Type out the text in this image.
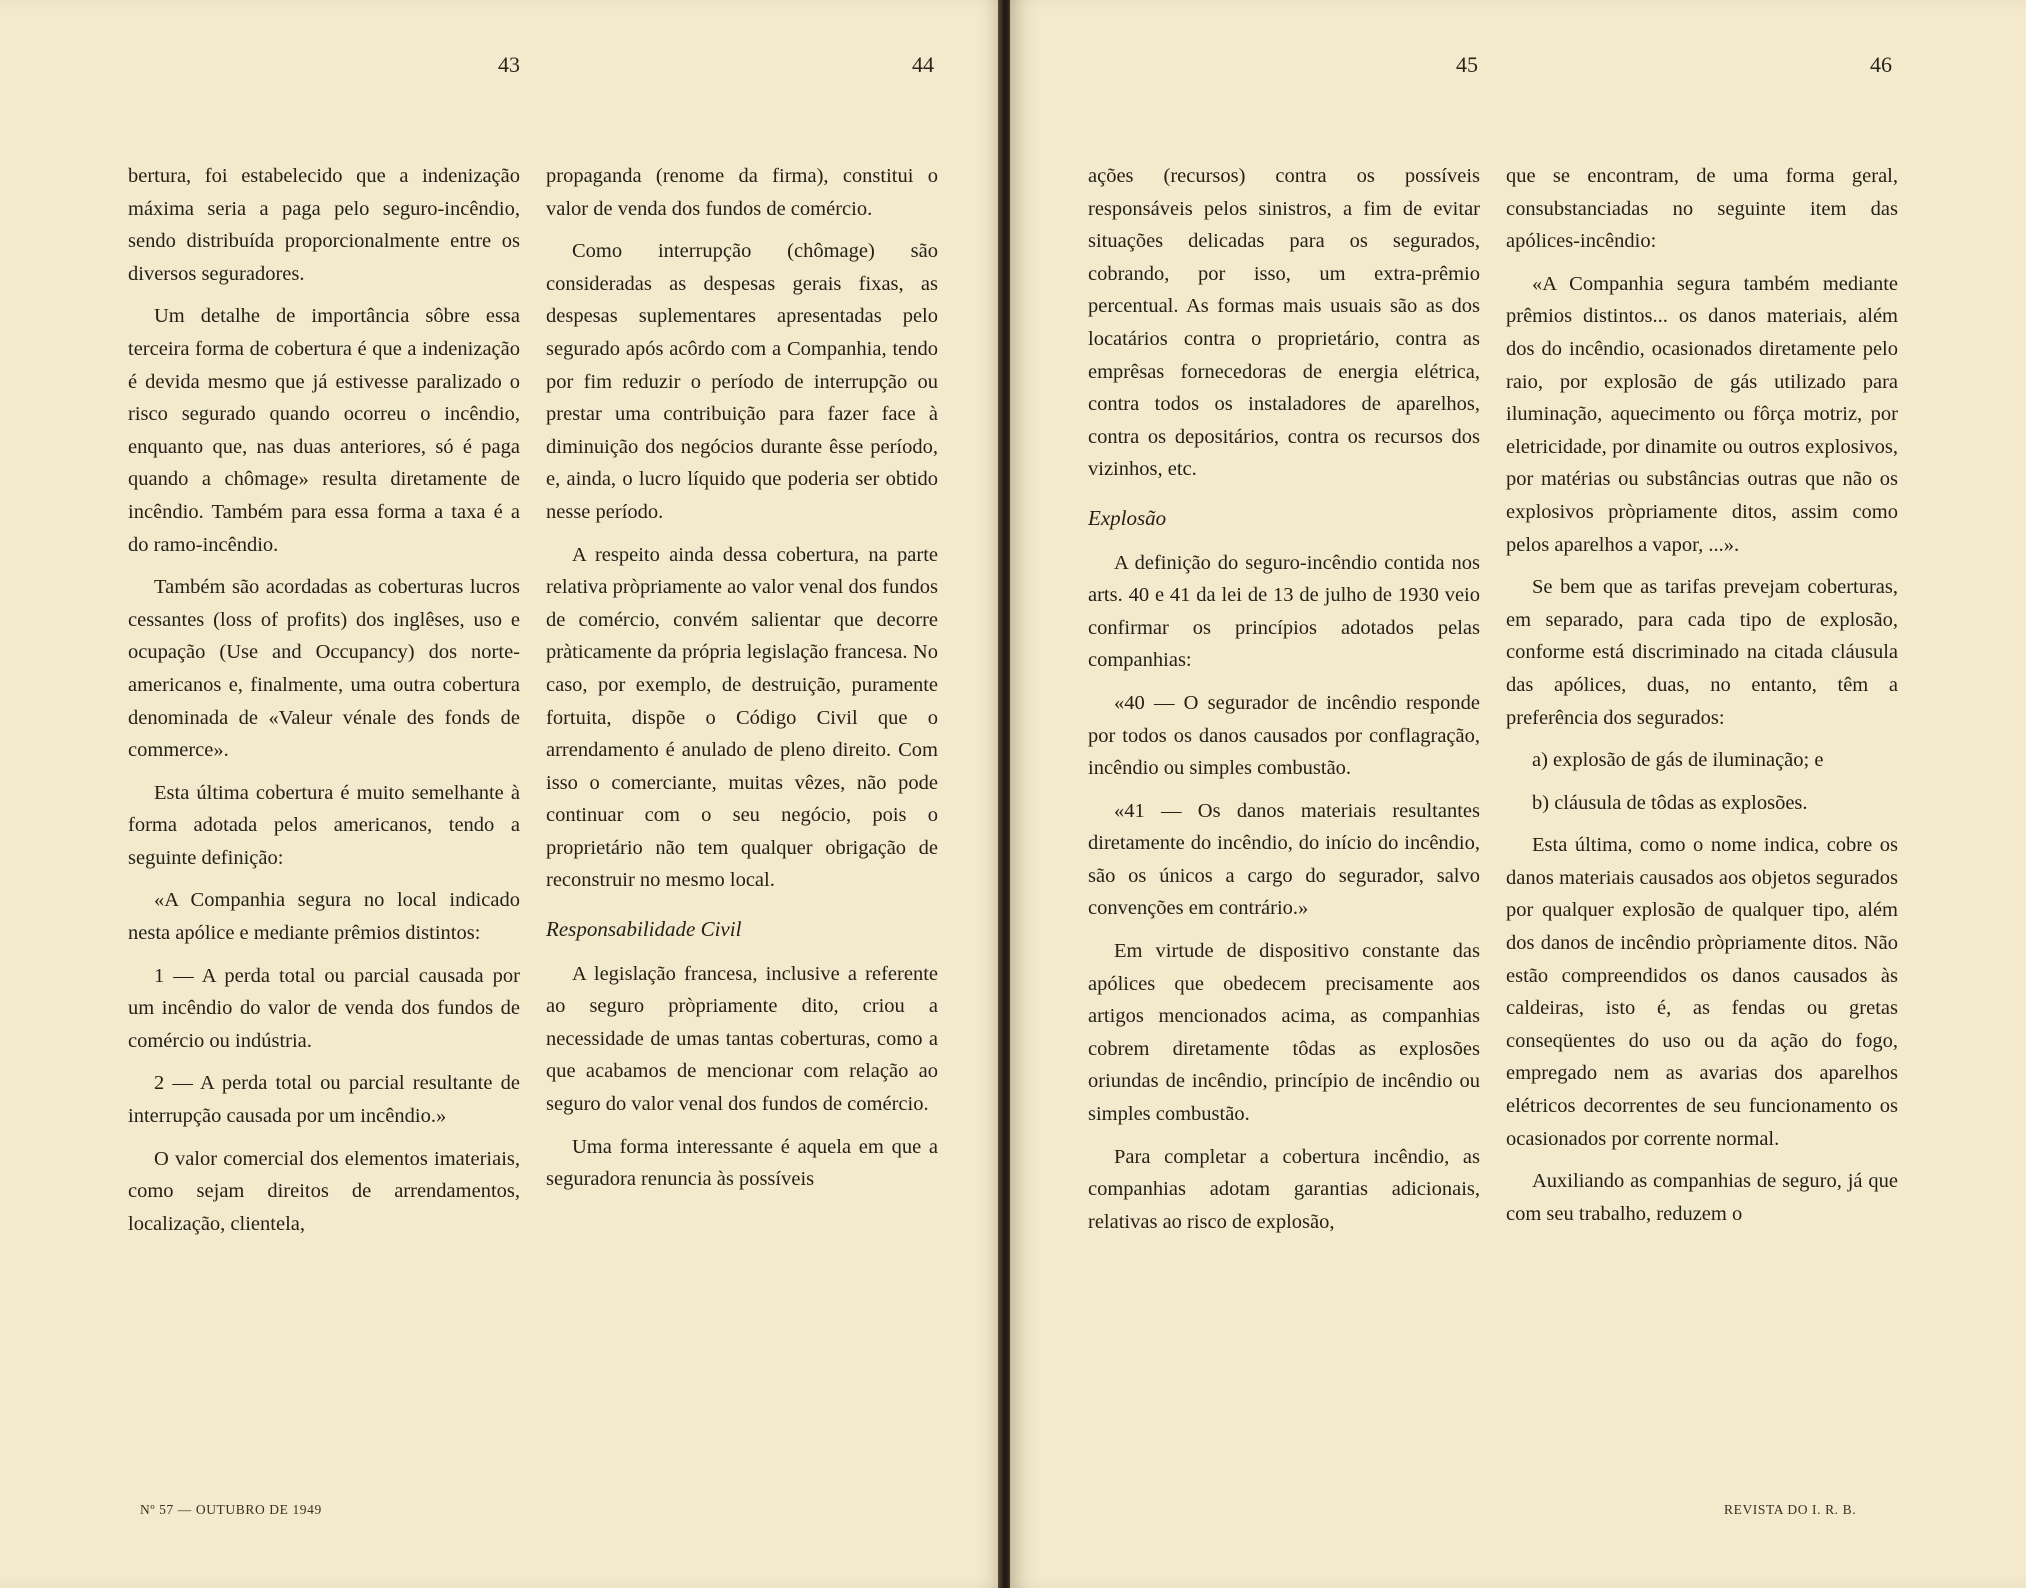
43	44

bertura, foi estabelecido que a indenização máxima seria a paga pelo seguro-incêndio, sendo distribuída proporcionalmente entre os diversos seguradores.

Um detalhe de importância sôbre essa terceira forma de cobertura é que a indenização é devida mesmo que já estivesse paralizado o risco segurado quando ocorreu o incêndio, enquanto que, nas duas anteriores, só é paga quando a chômage» resulta diretamente de incêndio. Também para essa forma a taxa é a do ramo-incêndio.

Também são acordadas as coberturas lucros cessantes (loss of profits) dos inglêses, uso e ocupação (Use and Occupancy) dos norte-americanos e, finalmente, uma outra cobertura denominada de «Valeur vénale des fonds de commerce».

Esta última cobertura é muito semelhante à forma adotada pelos americanos, tendo a seguinte definição:

«A Companhia segura no local indicado nesta apólice e mediante prêmios distintos:

1 — A perda total ou parcial causada por um incêndio do valor de venda dos fundos de comércio ou indústria.

2 — A perda total ou parcial resultante de interrupção causada por um incêndio.»

O valor comercial dos elementos imateriais, como sejam direitos de arrendamentos, localização, clientela,

propaganda (renome da firma), constitui o valor de venda dos fundos de comércio.

Como interrupção (chômage) são consideradas as despesas gerais fixas, as despesas suplementares apresentadas pelo segurado após acôrdo com a Companhia, tendo por fim reduzir o período de interrupção ou prestar uma contribuição para fazer face à diminuição dos negócios durante êsse período, e, ainda, o lucro líquido que poderia ser obtido nesse período.

A respeito ainda dessa cobertura, na parte relativa pròpriamente ao valor venal dos fundos de comércio, convém salientar que decorre pràticamente da própria legislação francesa. No caso, por exemplo, de destruição, puramente fortuita, dispõe o Código Civil que o arrendamento é anulado de pleno direito. Com isso o comerciante, muitas vêzes, não pode continuar com o seu negócio, pois o proprietário não tem qualquer obrigação de reconstruir no mesmo local.

Responsabilidade Civil

A legislação francesa, inclusive a referente ao seguro pròpriamente dito, criou a necessidade de umas tantas coberturas, como a que acabamos de mencionar com relação ao seguro do valor venal dos fundos de comércio.

Uma forma interessante é aquela em que a seguradora renuncia às possíveis

Nº 57 — OUTUBRO DE 1949
45	46

ações (recursos) contra os possíveis responsáveis pelos sinistros, a fim de evitar situações delicadas para os segurados, cobrando, por isso, um extra-prêmio percentual. As formas mais usuais são as dos locatários contra o proprietário, contra as emprêsas fornecedoras de energia elétrica, contra todos os instaladores de aparelhos, contra os depositários, contra os recursos dos vizinhos, etc.

Explosão

A definição do seguro-incêndio contida nos arts. 40 e 41 da lei de 13 de julho de 1930 veio confirmar os princípios adotados pelas companhias:

«40 — O segurador de incêndio responde por todos os danos causados por conflagração, incêndio ou simples combustão.

«41 — Os danos materiais resultantes diretamente do incêndio, do início do incêndio, são os únicos a cargo do segurador, salvo convenções em contrário.»

Em virtude de dispositivo constante das apólices que obedecem precisamente aos artigos mencionados acima, as companhias cobrem diretamente tôdas as explosões oriundas de incêndio, princípio de incêndio ou simples combustão.

Para completar a cobertura incêndio, as companhias adotam garantias adicionais, relativas ao risco de explosão,

que se encontram, de uma forma geral, consubstanciadas no seguinte item das apólices-incêndio:

«A Companhia segura também mediante prêmios distintos... os danos materiais, além dos do incêndio, ocasionados diretamente pelo raio, por explosão de gás utilizado para iluminação, aquecimento ou fôrça motriz, por eletricidade, por dinamite ou outros explosivos, por matérias ou substâncias outras que não os explosivos pròpriamente ditos, assim como pelos aparelhos a vapor, ...».

Se bem que as tarifas prevejam coberturas, em separado, para cada tipo de explosão, conforme está discriminado na citada cláusula das apólices, duas, no entanto, têm a preferência dos segurados:

a) explosão de gás de iluminação; e

b) cláusula de tôdas as explosões.

Esta última, como o nome indica, cobre os danos materiais causados aos objetos segurados por qualquer explosão de qualquer tipo, além dos danos de incêndio pròpriamente ditos. Não estão compreendidos os danos causados às caldeiras, isto é, as fendas ou gretas conseqüentes do uso ou da ação do fogo, empregado nem as avarias dos aparelhos elétricos decorrentes de seu funcionamento os ocasionados por corrente normal.

Auxiliando as companhias de seguro, já que com seu trabalho, reduzem o

REVISTA DO I. R. B.
